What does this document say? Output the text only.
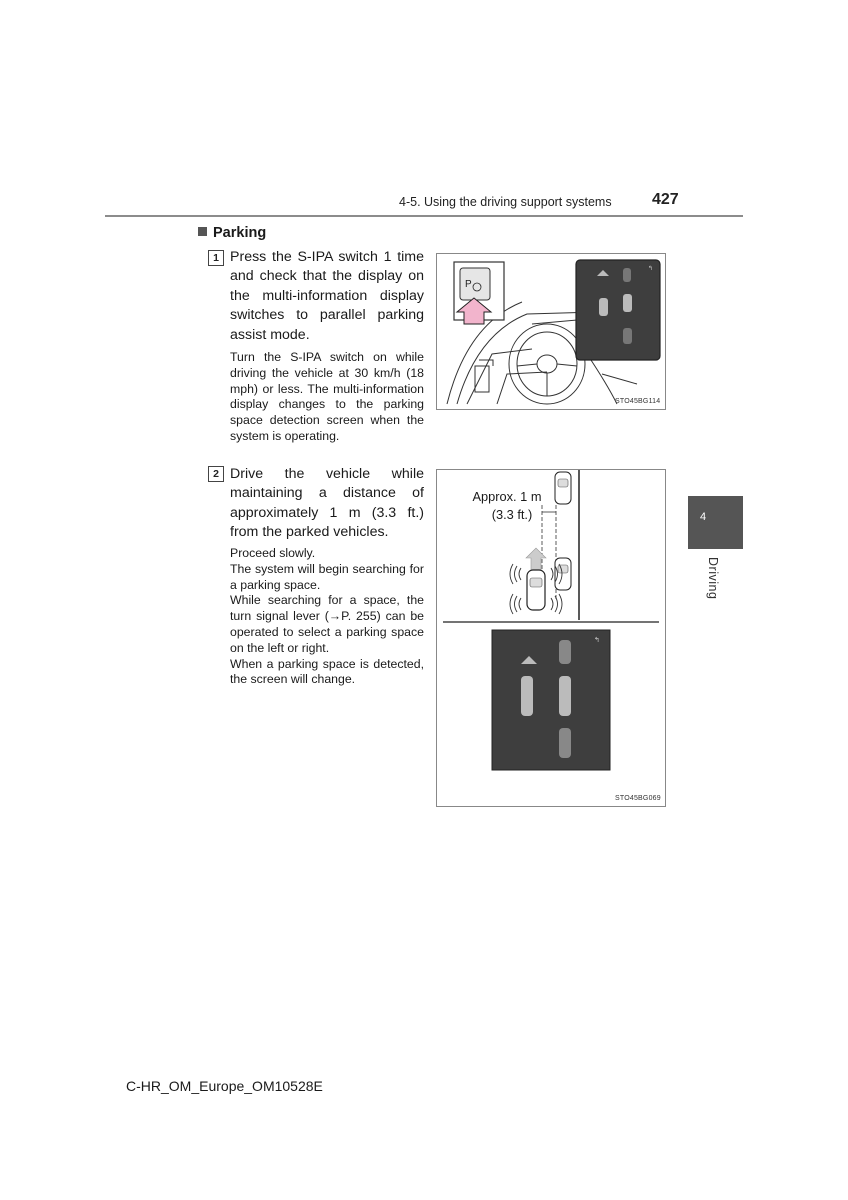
4-5. Using the driving support systems	427
Parking
1 Press the S-IPA switch 1 time and check that the display on the multi-information display switches to parallel parking assist mode.

Turn the S-IPA switch on while driving the vehicle at 30 km/h (18 mph) or less. The multi-information display changes to the parking space detection screen when the system is operating.

2 Drive the vehicle while maintaining a distance of approximately 1 m (3.3 ft.) from the parked vehicles.

Proceed slowly.

The system will begin searching for a parking space.

While searching for a space, the turn signal lever (→P. 255) can be operated to select a parking space on the left or right.

When a parking space is detected, the screen will change.

P
↰
STO45BG114
Approx. 1 m
(3.3 ft.)
↰
STO45BG069
4
Driving
C-HR_OM_Europe_OM10528E
